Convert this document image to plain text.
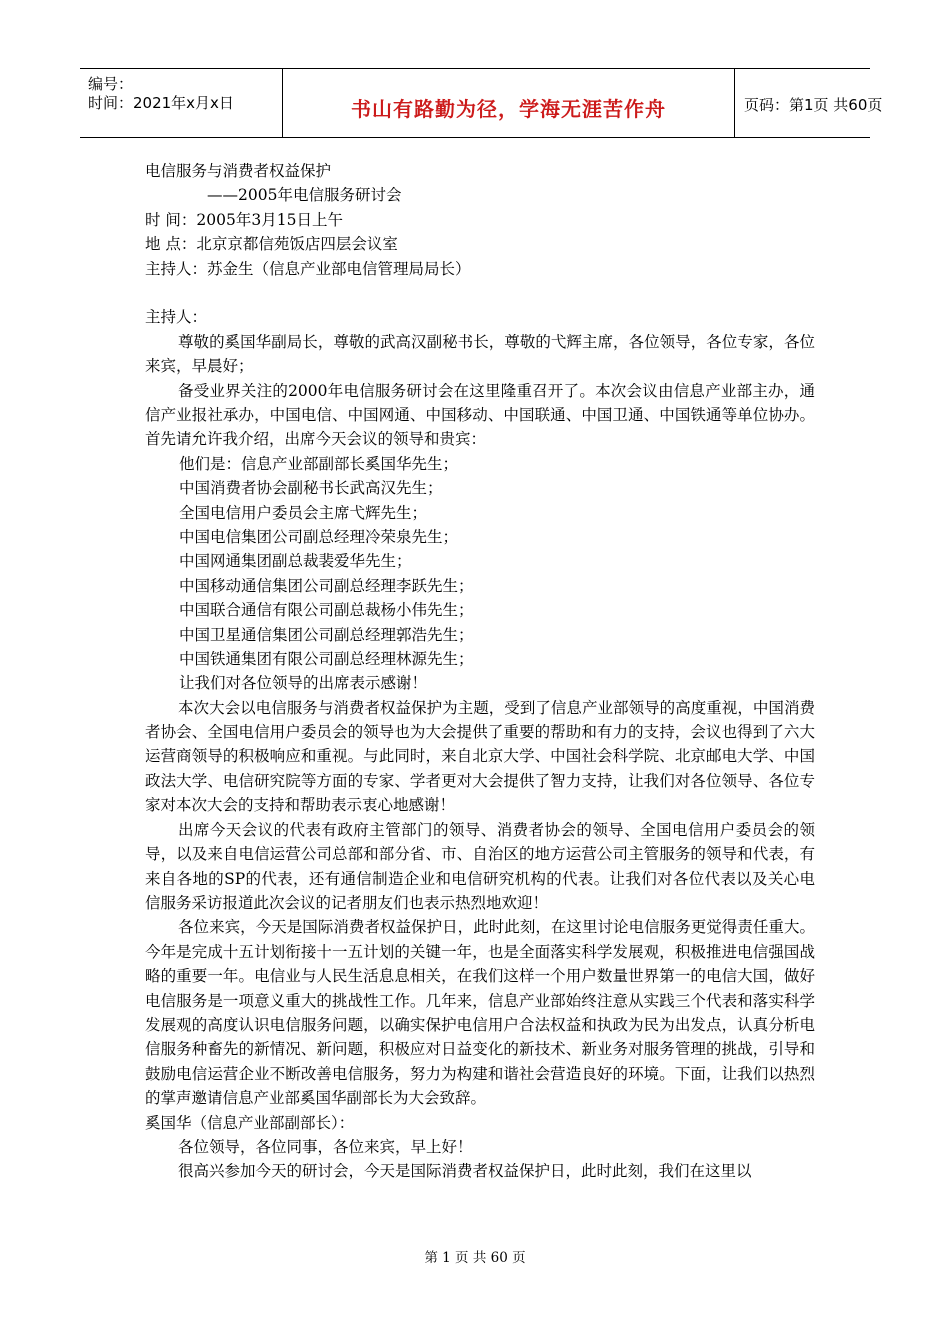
编号：
时间：2021年x月x日	书山有路勤为径，学海无涯苦作舟	页码：第1页 共60页
电信服务与消费者权益保护
——2005年电信服务研讨会
时 间：2005年3月15日上午
地 点：北京京都信苑饭店四层会议室
主持人：苏金生（信息产业部电信管理局局长）
主持人：

尊敬的奚国华副局长，尊敬的武高汉副秘书长，尊敬的弋辉主席，各位领导，各位专家，各位来宾，早晨好；

备受业界关注的2000年电信服务研讨会在这里隆重召开了。本次会议由信息产业部主办，通信产业报社承办，中国电信、中国网通、中国移动、中国联通、中国卫通、中国铁通等单位协办。首先请允许我介绍，出席今天会议的领导和贵宾：

他们是：信息产业部副部长奚国华先生；
中国消费者协会副秘书长武高汉先生；
全国电信用户委员会主席弋辉先生；
中国电信集团公司副总经理冷荣泉先生；
中国网通集团副总裁裴爱华先生；
中国移动通信集团公司副总经理李跃先生；
中国联合通信有限公司副总裁杨小伟先生；
中国卫星通信集团公司副总经理郭浩先生；
中国铁通集团有限公司副总经理林源先生；
让我们对各位领导的出席表示感谢！

本次大会以电信服务与消费者权益保护为主题，受到了信息产业部领导的高度重视，中国消费者协会、全国电信用户委员会的领导也为大会提供了重要的帮助和有力的支持，会议也得到了六大运营商领导的积极响应和重视。与此同时，来自北京大学、中国社会科学院、北京邮电大学、中国政法大学、电信研究院等方面的专家、学者更对大会提供了智力支持，让我们对各位领导、各位专家对本次大会的支持和帮助表示衷心地感谢！

出席今天会议的代表有政府主管部门的领导、消费者协会的领导、全国电信用户委员会的领导，以及来自电信运营公司总部和部分省、市、自治区的地方运营公司主管服务的领导和代表，有来自各地的SP的代表，还有通信制造企业和电信研究机构的代表。让我们对各位代表以及关心电信服务采访报道此次会议的记者朋友们也表示热烈地欢迎！

各位来宾，今天是国际消费者权益保护日，此时此刻，在这里讨论电信服务更觉得责任重大。今年是完成十五计划衔接十一五计划的关键一年，也是全面落实科学发展观，积极推进电信强国战略的重要一年。电信业与人民生活息息相关，在我们这样一个用户数量世界第一的电信大国，做好电信服务是一项意义重大的挑战性工作。几年来，信息产业部始终注意从实践三个代表和落实科学发展观的高度认识电信服务问题，以确实保护电信用户合法权益和执政为民为出发点，认真分析电信服务种畜先的新情况、新问题，积极应对日益变化的新技术、新业务对服务管理的挑战，引导和鼓励电信运营企业不断改善电信服务，努力为构建和谐社会营造良好的环境。下面，让我们以热烈的掌声邀请信息产业部奚国华副部长为大会致辞。

奚国华（信息产业部副部长）：

各位领导，各位同事，各位来宾，早上好！

很高兴参加今天的研讨会，今天是国际消费者权益保护日，此时此刻，我们在这里以

第 1 页 共 60 页
